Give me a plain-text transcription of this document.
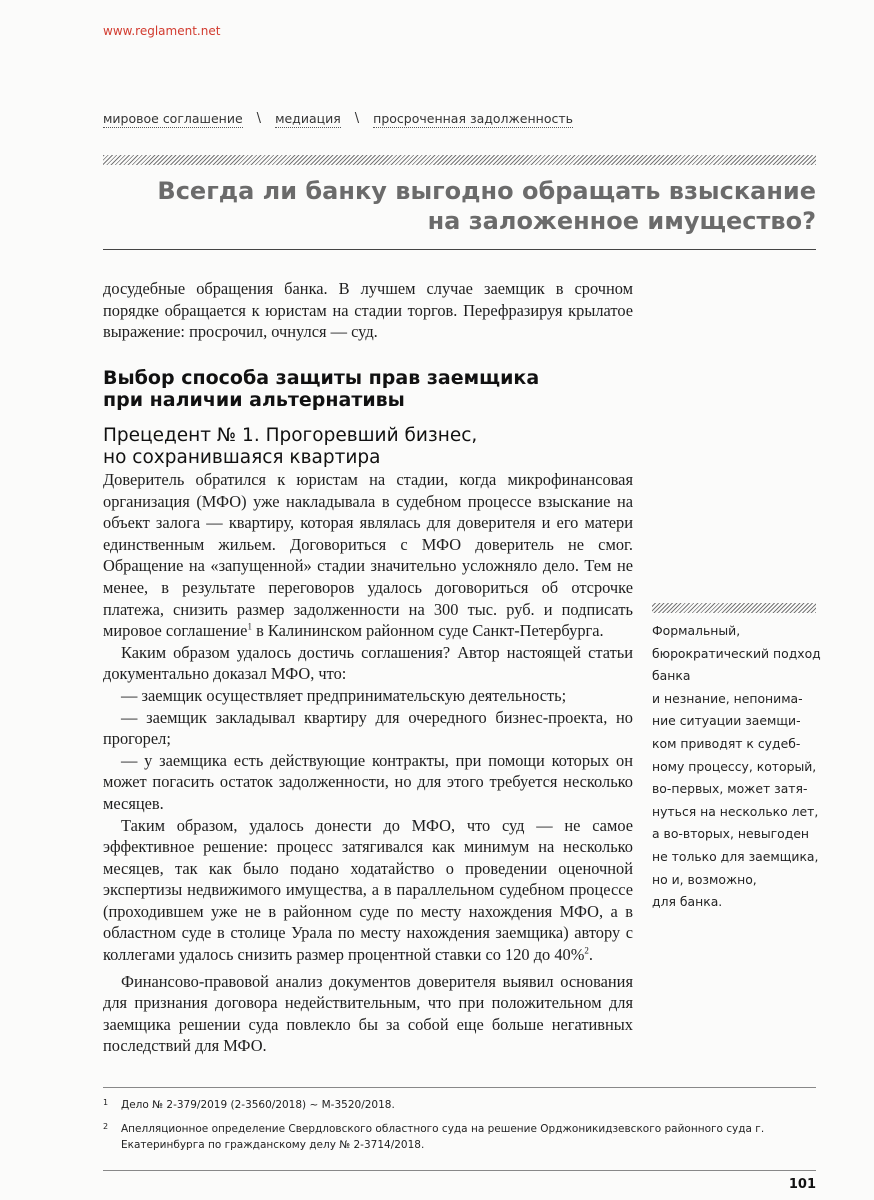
www.reglament.net
мировое соглашение \ медиация \ просроченная задолженность
Всегда ли банку выгодно обращать взыскание
на заложенное имущество?

досудебные обращения банка. В лучшем случае заемщик в срочном порядке обращается к юристам на стадии торгов. Перефразируя крылатое выражение: просрочил, очнулся — суд.

Выбор способа защиты прав заемщика
при наличии альтернативы
Прецедент № 1. Прогоревший бизнес,
но сохранившаяся квартира

Доверитель обратился к юристам на стадии, когда микрофинансовая организация (МФО) уже накладывала в судебном процессе взыскание на объект залога — квартиру, которая являлась для доверителя и его матери единственным жильем. Договориться с МФО доверитель не смог. Обращение на «запущенной» стадии значительно усложняло дело. Тем не менее, в результате переговоров удалось договориться об отсрочке платежа, снизить размер задолженности на 300 тыс. руб. и подписать мировое соглашение$^1$ в Калининском районном суде Санкт-Петербурга.

Каким образом удалось достичь соглашения? Автор настоящей статьи документально доказал МФО, что:

— заемщик осуществляет предпринимательскую деятельность;

— заемщик закладывал квартиру для очередного бизнес-проекта, но прогорел;

— у заемщика есть действующие контракты, при помощи которых он может погасить остаток задолженности, но для этого требуется несколько месяцев.

Таким образом, удалось донести до МФО, что суд — не самое эффективное решение: процесс затягивался как минимум на несколько месяцев, так как было подано ходатайство о проведении оценочной экспертизы недвижимого имущества, а в параллельном судебном процессе (проходившем уже не в районном суде по месту нахождения МФО, а в областном суде в столице Урала по месту нахождения заемщика) автору с коллегами удалось снизить размер процентной ставки со 120 до 40%$^2$.

Финансово-правовой анализ документов доверителя выявил основания для признания договора недействительным, что при положительном для заемщика решении суда повлекло бы за собой еще больше негативных последствий для МФО.

Формальный, бюрократический подход банка
и незнание, непонима-
ние ситуации заемщи-
ком приводят к судеб-
ному процессу, который,
во-первых, может затя-
нуться на несколько лет,
а во-вторых, невыгоден
не только для заемщика,
но и, возможно,
для банка.
1	Дело № 2-379/2019 (2-3560/2018) ~ М-3520/2018.
2	Апелляционное определение Свердловского областного суда на решение Орджоникидзевского районного суда г. Екатеринбурга по гражданскому делу № 2-3714/2018.
101
